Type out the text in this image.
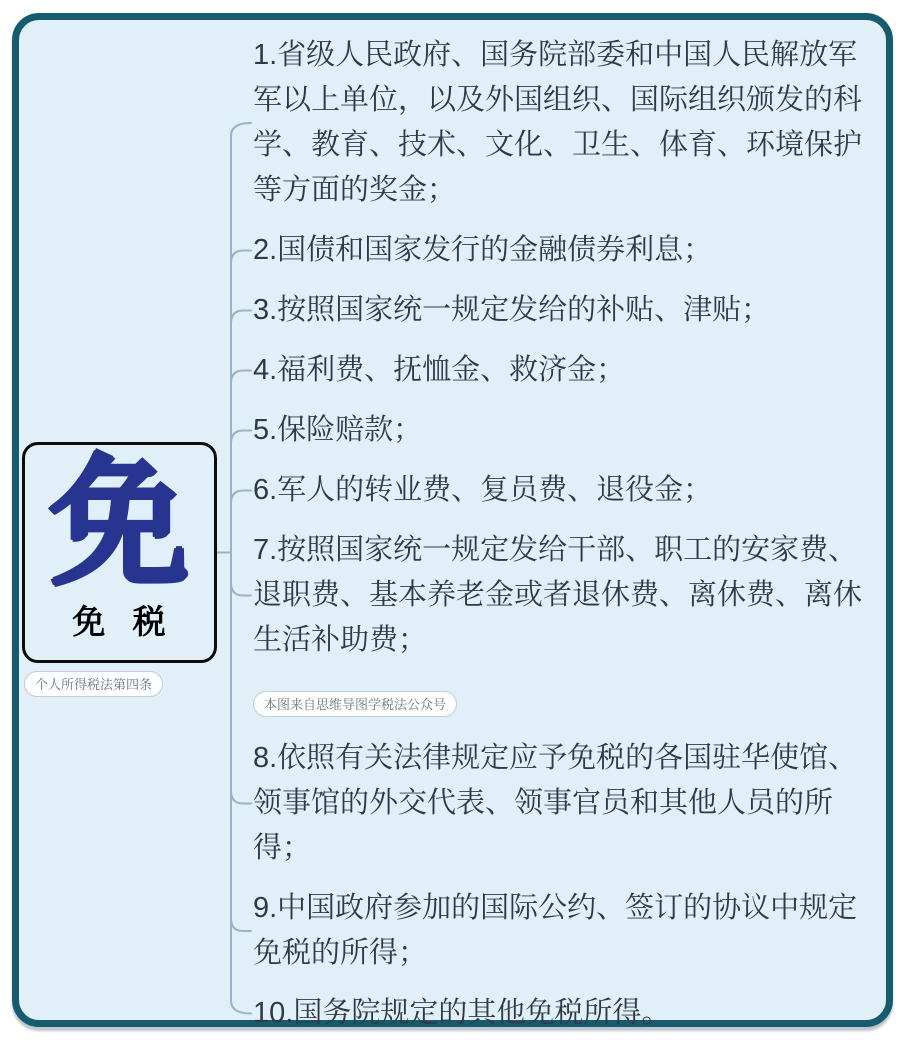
免
免 税
个人所得税法第四条
1.省级人民政府、国务院部委和中国人民解放军军以上单位，以及外国组织、国际组织颁发的科学、教育、技术、文化、卫生、体育、环境保护等方面的奖金；
2.国债和国家发行的金融债券利息；
3.按照国家统一规定发给的补贴、津贴；
4.福利费、抚恤金、救济金；
5.保险赔款；
6.军人的转业费、复员费、退役金；
7.按照国家统一规定发给干部、职工的安家费、退职费、基本养老金或者退休费、离休费、离休生活补助费；
本图来自思维导图学税法公众号
8.依照有关法律规定应予免税的各国驻华使馆、领事馆的外交代表、领事官员和其他人员的所得；
9.中国政府参加的国际公约、签订的协议中规定免税的所得；
10.国务院规定的其他免税所得。
